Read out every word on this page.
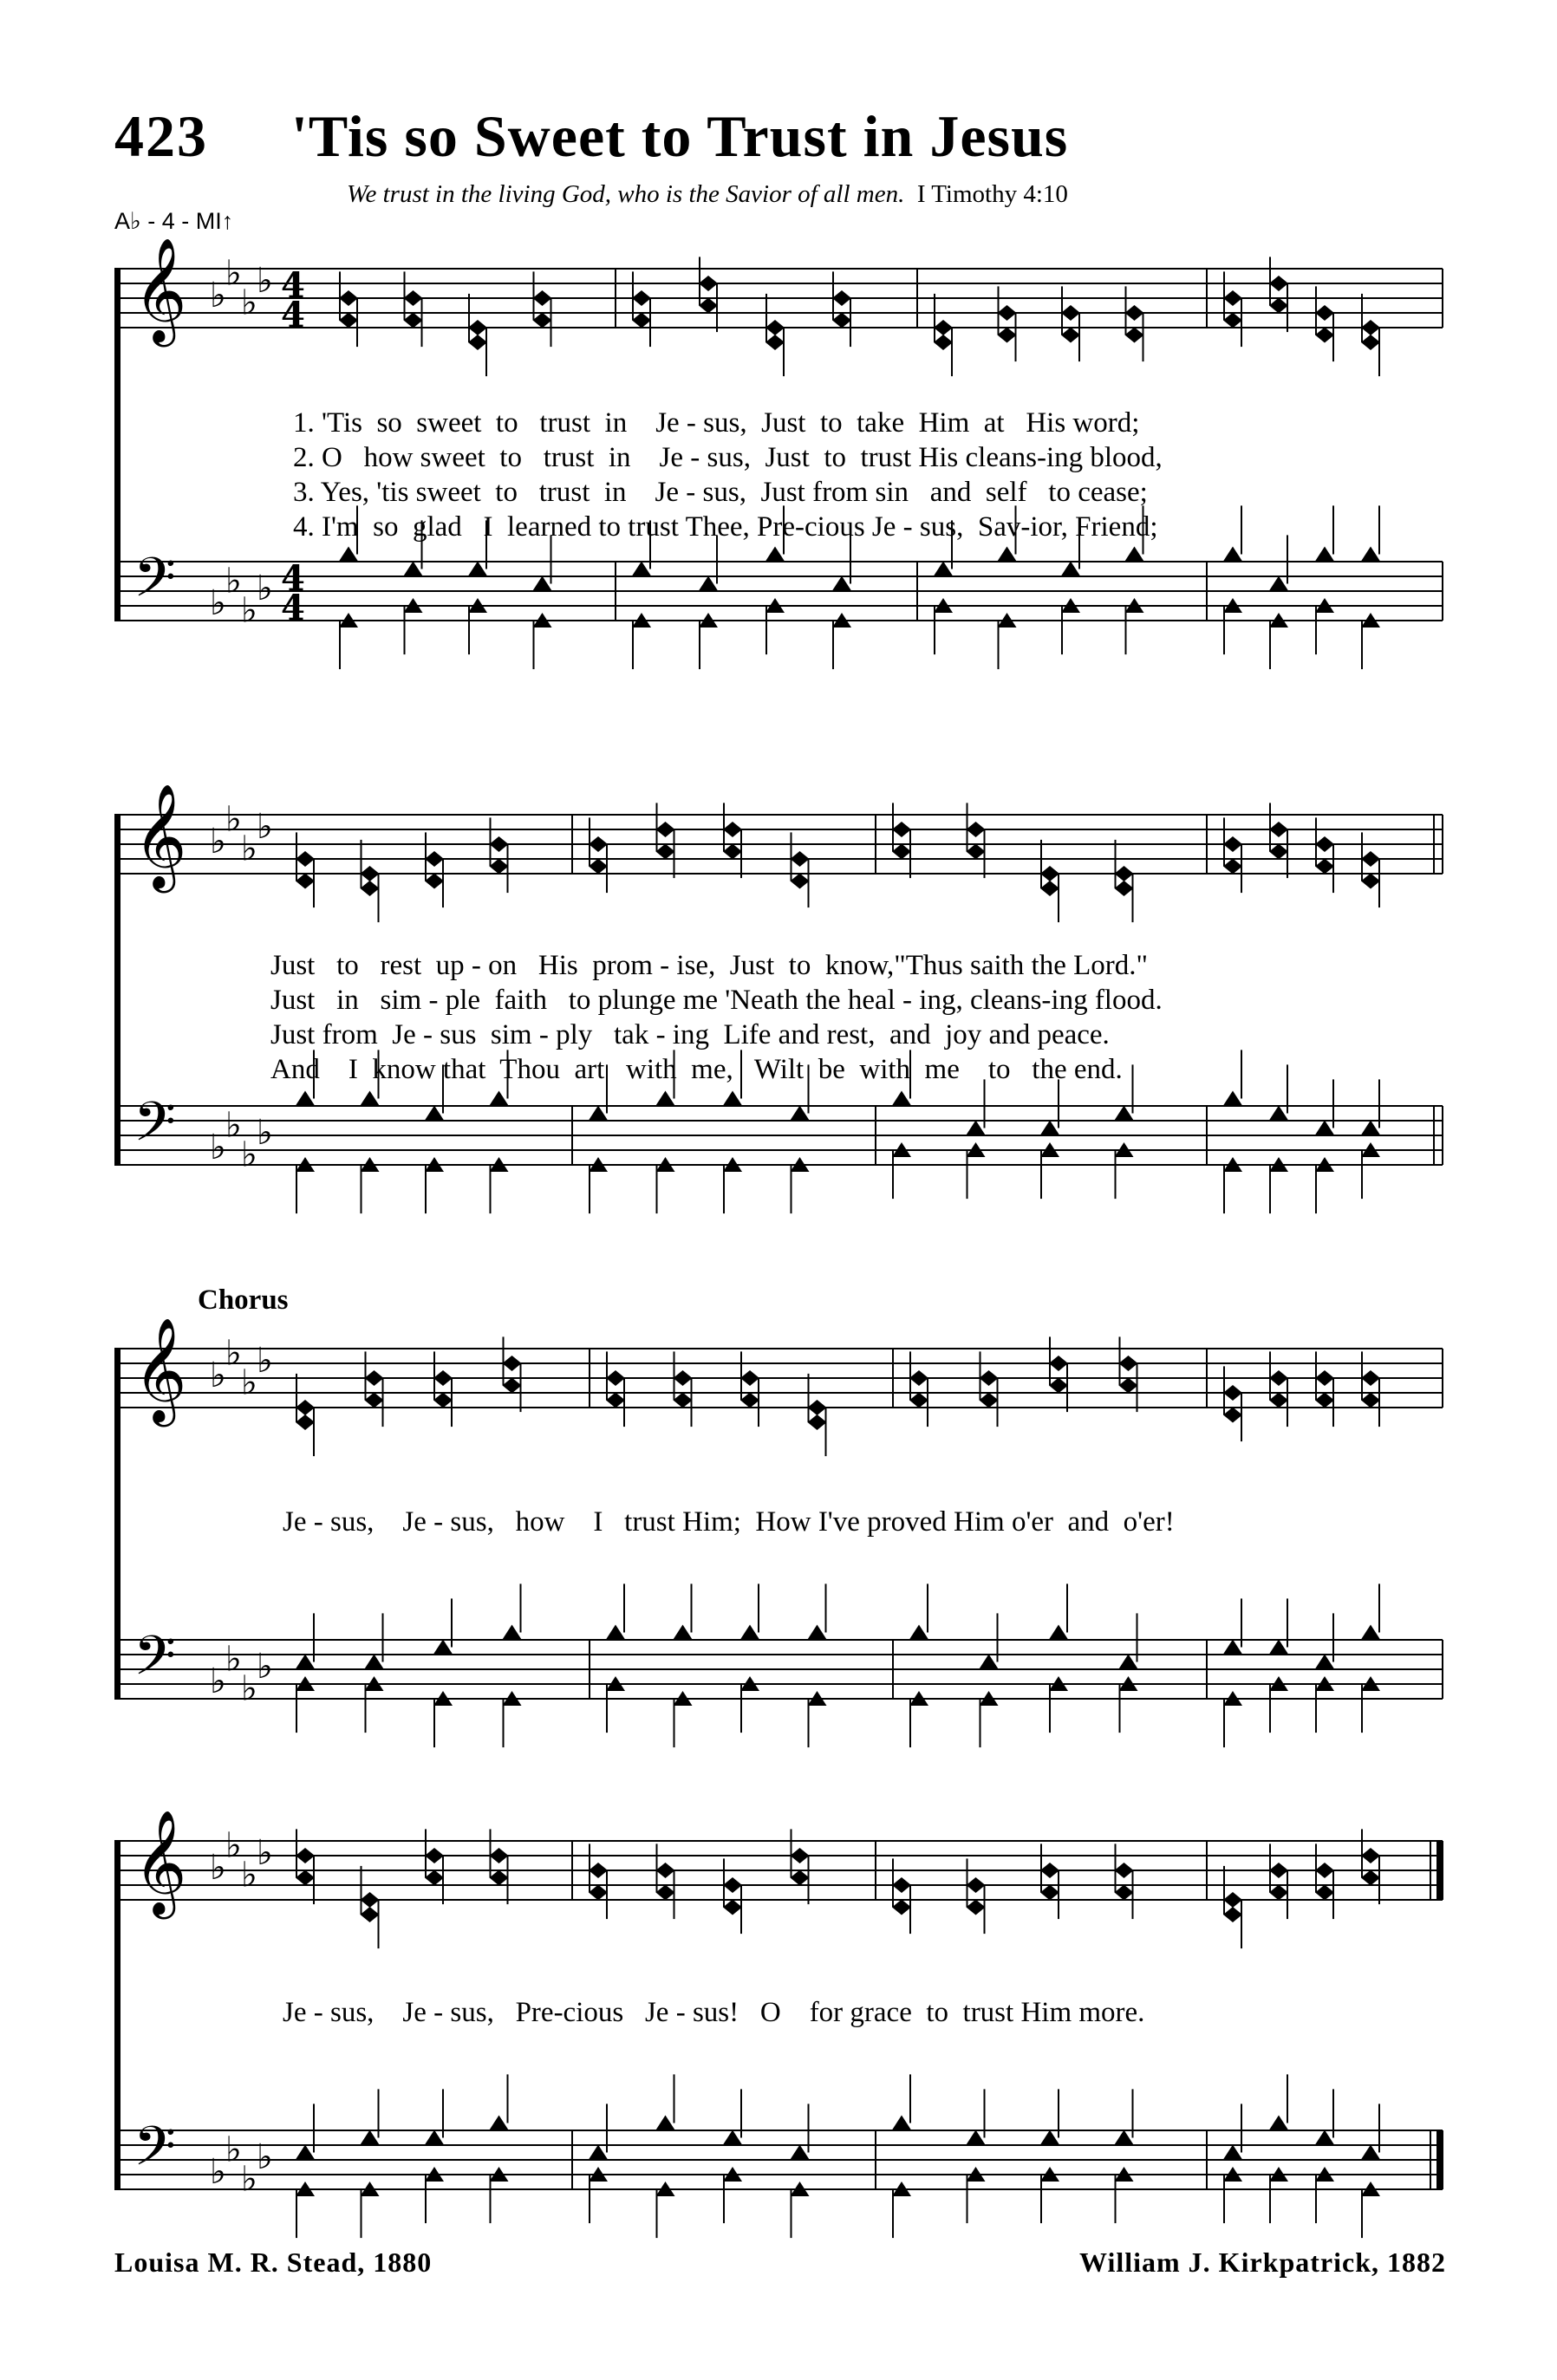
423 'Tis so Sweet to Trust in Jesus
We trust in the living God, who is the Savior of all men. I Timothy 4:10
A♭ - 4 - MI↑
Chorus
𝄞 ♭
♭
♭
♭ 4
4
𝄢 ♭
♭
♭
♭ 4
4
𝄞 ♭
♭
♭
♭
𝄢 ♭
♭
♭
♭
𝄞 ♭
♭
♭
♭
𝄢 ♭
♭
♭
♭
𝄞 ♭
♭
♭
♭
𝄢 ♭
♭
♭
♭
1. 'Tis  so  sweet  to   trust  in    Je - sus,  Just  to  take  Him  at   His word;
2. O   how sweet  to   trust  in    Je - sus,  Just  to  trust His cleans-ing blood,
3. Yes, 'tis sweet  to   trust  in    Je - sus,  Just from sin   and  self   to cease;
4. I'm  so  glad   I  learned to trust Thee, Pre-cious Je - sus,  Sav-ior, Friend;
Just   to   rest  up - on   His  prom - ise,  Just  to  know,"Thus saith the Lord."
Just   in   sim - ple  faith   to plunge me 'Neath the heal - ing, cleans-ing flood.
Just from  Je - sus  sim - ply   tak - ing  Life and rest,  and  joy and peace.
And    I  know that  Thou  art   with  me,   Wilt  be  with  me    to   the end.
Je - sus,    Je - sus,   how    I   trust Him;  How I've proved Him o'er  and  o'er!
Je - sus,    Je - sus,   Pre-cious   Je - sus!   O    for grace  to  trust Him more.
Louisa M. R. Stead, 1880	William J. Kirkpatrick, 1882
